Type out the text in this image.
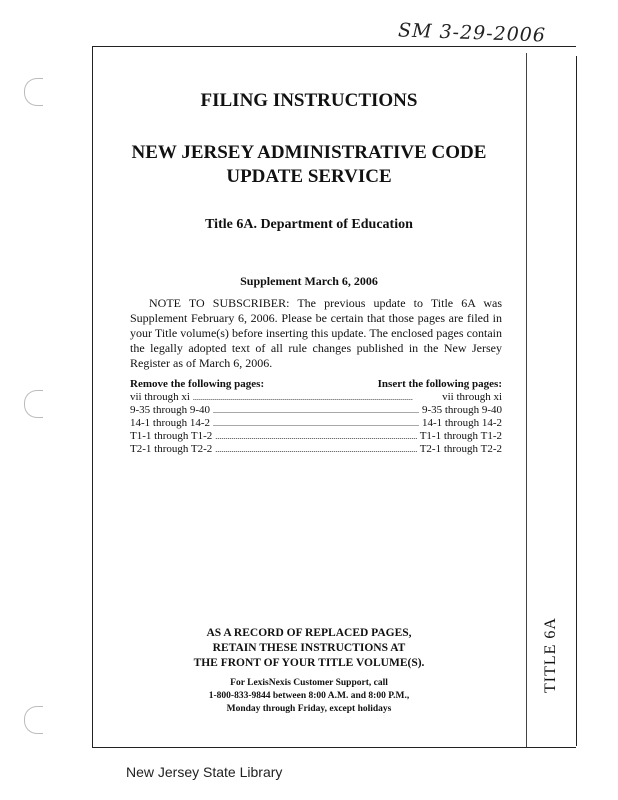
SM 3-29-2006
TITLE 6A
FILING INSTRUCTIONS
NEW JERSEY ADMINISTRATIVE CODE
UPDATE SERVICE
Title 6A. Department of Education
Supplement March 6, 2006
NOTE TO SUBSCRIBER: The previous update to Title 6A was Supplement February 6, 2006. Please be certain that those pages are filed in your Title volume(s) before inserting this update. The enclosed pages contain the legally adopted text of all rule changes published in the New Jersey Register as of March 6, 2006.
Remove the following pages:	Insert the following pages:
vii through xi . . .	vii through xi
9-35 through 9-40 . . .	9-35 through 9-40
14-1 through 14-2 . . .	14-1 through 14-2
T1-1 through T1-2 . . .	T1-1 through T1-2
T2-1 through T2-2 . . .	T2-1 through T2-2
AS A RECORD OF REPLACED PAGES,
RETAIN THESE INSTRUCTIONS AT
THE FRONT OF YOUR TITLE VOLUME(S).
For LexisNexis Customer Support, call
1-800-833-9844 between 8:00 A.M. and 8:00 P.M.,
Monday through Friday, except holidays
New Jersey State Library
